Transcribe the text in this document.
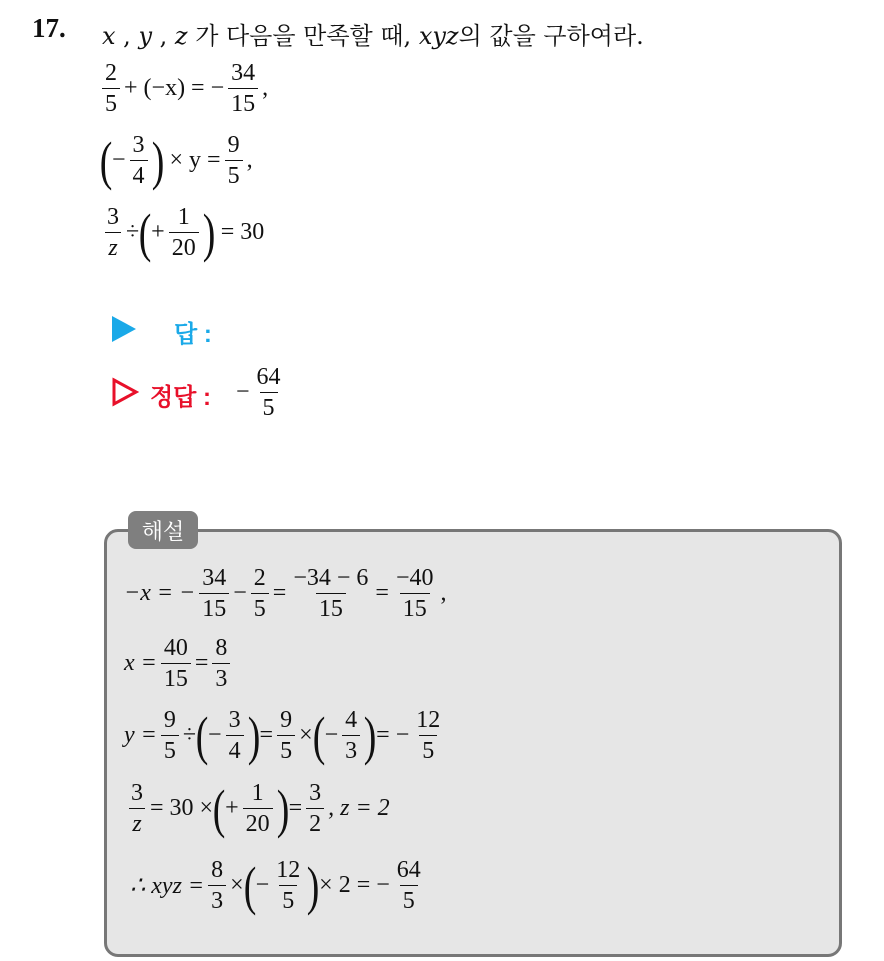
17. x , y , z 가 다음을 만족할 때, xyz의 값을 구하여라.
$\frac{2}{5} + (-x)$ = − $\frac{34}{15}$ ,
( − $\frac{3}{4}$ ) × $y = \frac{9}{5}$ ,
$\frac{3}{z}$ ÷ ( + $\frac{1}{20}$ ) = 30
답 :
정답 : − $\frac{64}{5}$
해설
−x = − $\frac{34}{15} - \frac{2}{5} = \frac{-34 - 6}{15} = \frac{-40}{15}$ ,
$x = \frac{40}{15} = \frac{8}{3}$
$y = \frac{9}{5}$ ÷ ( − $\frac{3}{4}$ ) = $\frac{9}{5}$ × ( − $\frac{4}{3}$ ) = − $\frac{12}{5}$
$\frac{3}{z} = 30$ × ( + $\frac{1}{20}$ ) = $\frac{3}{2}$ , z = 2
∴ xyz = $\frac{8}{3}$ × ( − $\frac{12}{5}$ ) × 2 = − $\frac{64}{5}$
